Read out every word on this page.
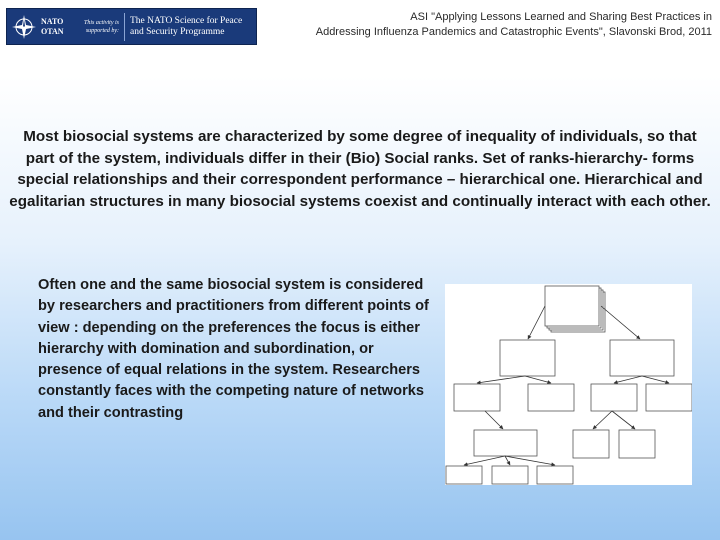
NATO
OTAN
This activity is supported by:
The NATO Science for Peace and Security Programme
ASI "Applying Lessons Learned and Sharing Best Practices in
Addressing Influenza Pandemics and Catastrophic Events", Slavonski Brod, 2011

Most biosocial systems are characterized by some degree of inequality of individuals, so that part of the system, individuals differ in their (Bio) Social ranks. Set of ranks-hierarchy- forms special relationships and their correspondent performance – hierarchical one. Hierarchical and egalitarian structures in many biosocial systems coexist and continually interact with each other.

Often one and the same biosocial system is considered by researchers and practitioners from different points of view : depending on the preferences the focus is either hierarchy with domination and subordination, or presence of equal relations in the system. Researchers constantly faces with the competing nature of networks and their contrasting
